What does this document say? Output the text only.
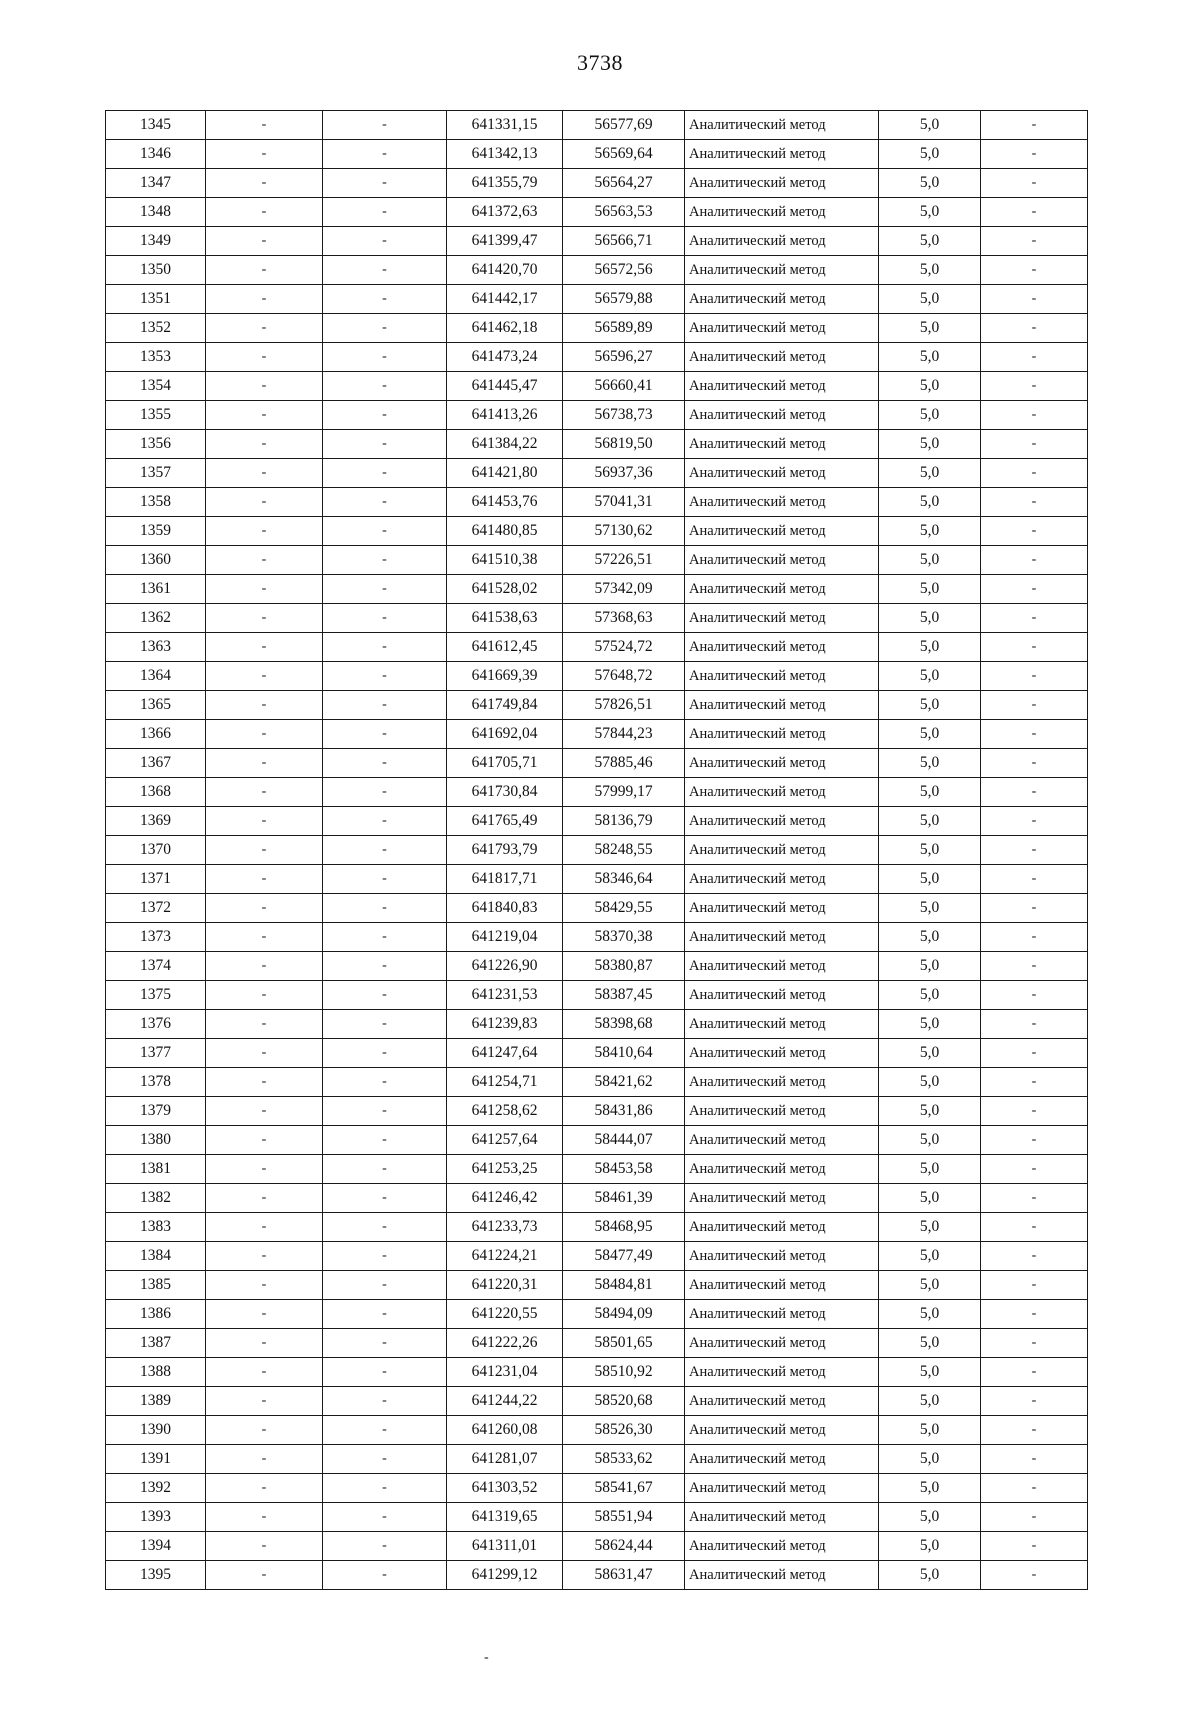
3738
1345	-	-	641331,15	56577,69	Аналитический метод	5,0	-
1346	-	-	641342,13	56569,64	Аналитический метод	5,0	-
1347	-	-	641355,79	56564,27	Аналитический метод	5,0	-
1348	-	-	641372,63	56563,53	Аналитический метод	5,0	-
1349	-	-	641399,47	56566,71	Аналитический метод	5,0	-
1350	-	-	641420,70	56572,56	Аналитический метод	5,0	-
1351	-	-	641442,17	56579,88	Аналитический метод	5,0	-
1352	-	-	641462,18	56589,89	Аналитический метод	5,0	-
1353	-	-	641473,24	56596,27	Аналитический метод	5,0	-
1354	-	-	641445,47	56660,41	Аналитический метод	5,0	-
1355	-	-	641413,26	56738,73	Аналитический метод	5,0	-
1356	-	-	641384,22	56819,50	Аналитический метод	5,0	-
1357	-	-	641421,80	56937,36	Аналитический метод	5,0	-
1358	-	-	641453,76	57041,31	Аналитический метод	5,0	-
1359	-	-	641480,85	57130,62	Аналитический метод	5,0	-
1360	-	-	641510,38	57226,51	Аналитический метод	5,0	-
1361	-	-	641528,02	57342,09	Аналитический метод	5,0	-
1362	-	-	641538,63	57368,63	Аналитический метод	5,0	-
1363	-	-	641612,45	57524,72	Аналитический метод	5,0	-
1364	-	-	641669,39	57648,72	Аналитический метод	5,0	-
1365	-	-	641749,84	57826,51	Аналитический метод	5,0	-
1366	-	-	641692,04	57844,23	Аналитический метод	5,0	-
1367	-	-	641705,71	57885,46	Аналитический метод	5,0	-
1368	-	-	641730,84	57999,17	Аналитический метод	5,0	-
1369	-	-	641765,49	58136,79	Аналитический метод	5,0	-
1370	-	-	641793,79	58248,55	Аналитический метод	5,0	-
1371	-	-	641817,71	58346,64	Аналитический метод	5,0	-
1372	-	-	641840,83	58429,55	Аналитический метод	5,0	-
1373	-	-	641219,04	58370,38	Аналитический метод	5,0	-
1374	-	-	641226,90	58380,87	Аналитический метод	5,0	-
1375	-	-	641231,53	58387,45	Аналитический метод	5,0	-
1376	-	-	641239,83	58398,68	Аналитический метод	5,0	-
1377	-	-	641247,64	58410,64	Аналитический метод	5,0	-
1378	-	-	641254,71	58421,62	Аналитический метод	5,0	-
1379	-	-	641258,62	58431,86	Аналитический метод	5,0	-
1380	-	-	641257,64	58444,07	Аналитический метод	5,0	-
1381	-	-	641253,25	58453,58	Аналитический метод	5,0	-
1382	-	-	641246,42	58461,39	Аналитический метод	5,0	-
1383	-	-	641233,73	58468,95	Аналитический метод	5,0	-
1384	-	-	641224,21	58477,49	Аналитический метод	5,0	-
1385	-	-	641220,31	58484,81	Аналитический метод	5,0	-
1386	-	-	641220,55	58494,09	Аналитический метод	5,0	-
1387	-	-	641222,26	58501,65	Аналитический метод	5,0	-
1388	-	-	641231,04	58510,92	Аналитический метод	5,0	-
1389	-	-	641244,22	58520,68	Аналитический метод	5,0	-
1390	-	-	641260,08	58526,30	Аналитический метод	5,0	-
1391	-	-	641281,07	58533,62	Аналитический метод	5,0	-
1392	-	-	641303,52	58541,67	Аналитический метод	5,0	-
1393	-	-	641319,65	58551,94	Аналитический метод	5,0	-
1394	-	-	641311,01	58624,44	Аналитический метод	5,0	-
1395	-	-	641299,12	58631,47	Аналитический метод	5,0	-
-
